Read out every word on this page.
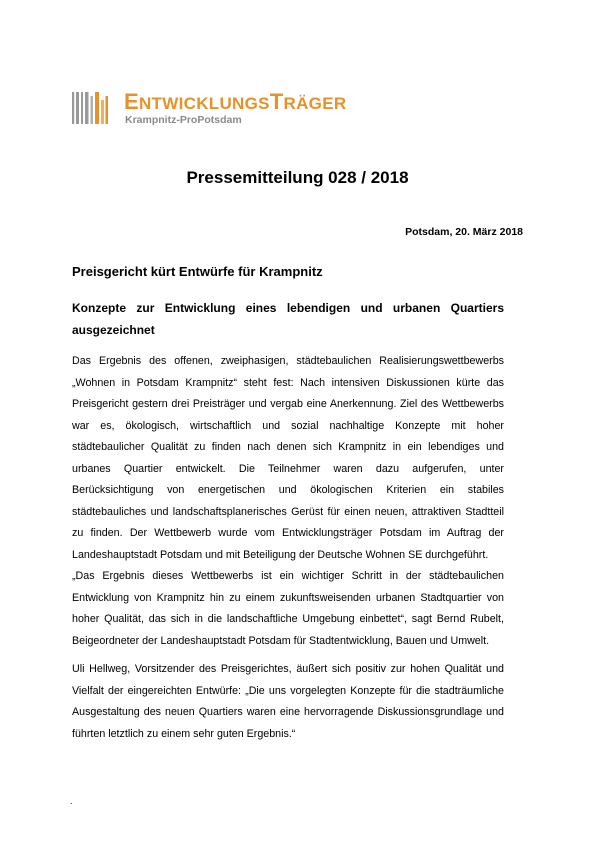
ENTWICKLUNGSTRÄGER
Krampnitz-ProPotsdam
Pressemitteilung 028 / 2018
Potsdam, 20. März 2018
Preisgericht kürt Entwürfe für Krampnitz
Konzepte zur Entwicklung eines lebendigen und urbanen Quartiers ausgezeichnet

Das Ergebnis des offenen, zweiphasigen, städtebaulichen Realisierungswettbewerbs „Wohnen in Potsdam Krampnitz“ steht fest: Nach intensiven Diskussionen kürte das Preisgericht gestern drei Preisträger und vergab eine Anerkennung. Ziel des Wettbewerbs war es, ökologisch, wirtschaftlich und sozial nachhaltige Konzepte mit hoher städtebaulicher Qualität zu finden nach denen sich Krampnitz in ein lebendiges und urbanes Quartier entwickelt. Die Teilnehmer waren dazu aufgerufen, unter Berücksichtigung von energetischen und ökologischen Kriterien ein stabiles städtebauliches und landschaftsplanerisches Gerüst für einen neuen, attraktiven Stadtteil zu finden. Der Wettbewerb wurde vom Entwicklungsträger Potsdam im Auftrag der Landeshauptstadt Potsdam und mit Beteiligung der Deutsche Wohnen SE durchgeführt.

„Das Ergebnis dieses Wettbewerbs ist ein wichtiger Schritt in der städtebaulichen Entwicklung von Krampnitz hin zu einem zukunftsweisenden urbanen Stadtquartier von hoher Qualität, das sich in die landschaftliche Umgebung einbettet“, sagt Bernd Rubelt, Beigeordneter der Landeshauptstadt Potsdam für Stadtentwicklung, Bauen und Umwelt.

Uli Hellweg, Vorsitzender des Preisgerichtes, äußert sich positiv zur hohen Qualität und Vielfalt der eingereichten Entwürfe: „Die uns vorgelegten Konzepte für die stadträumliche Ausgestaltung des neuen Quartiers waren eine hervorragende Diskussionsgrundlage und führten letztlich zu einem sehr guten Ergebnis.“

.
